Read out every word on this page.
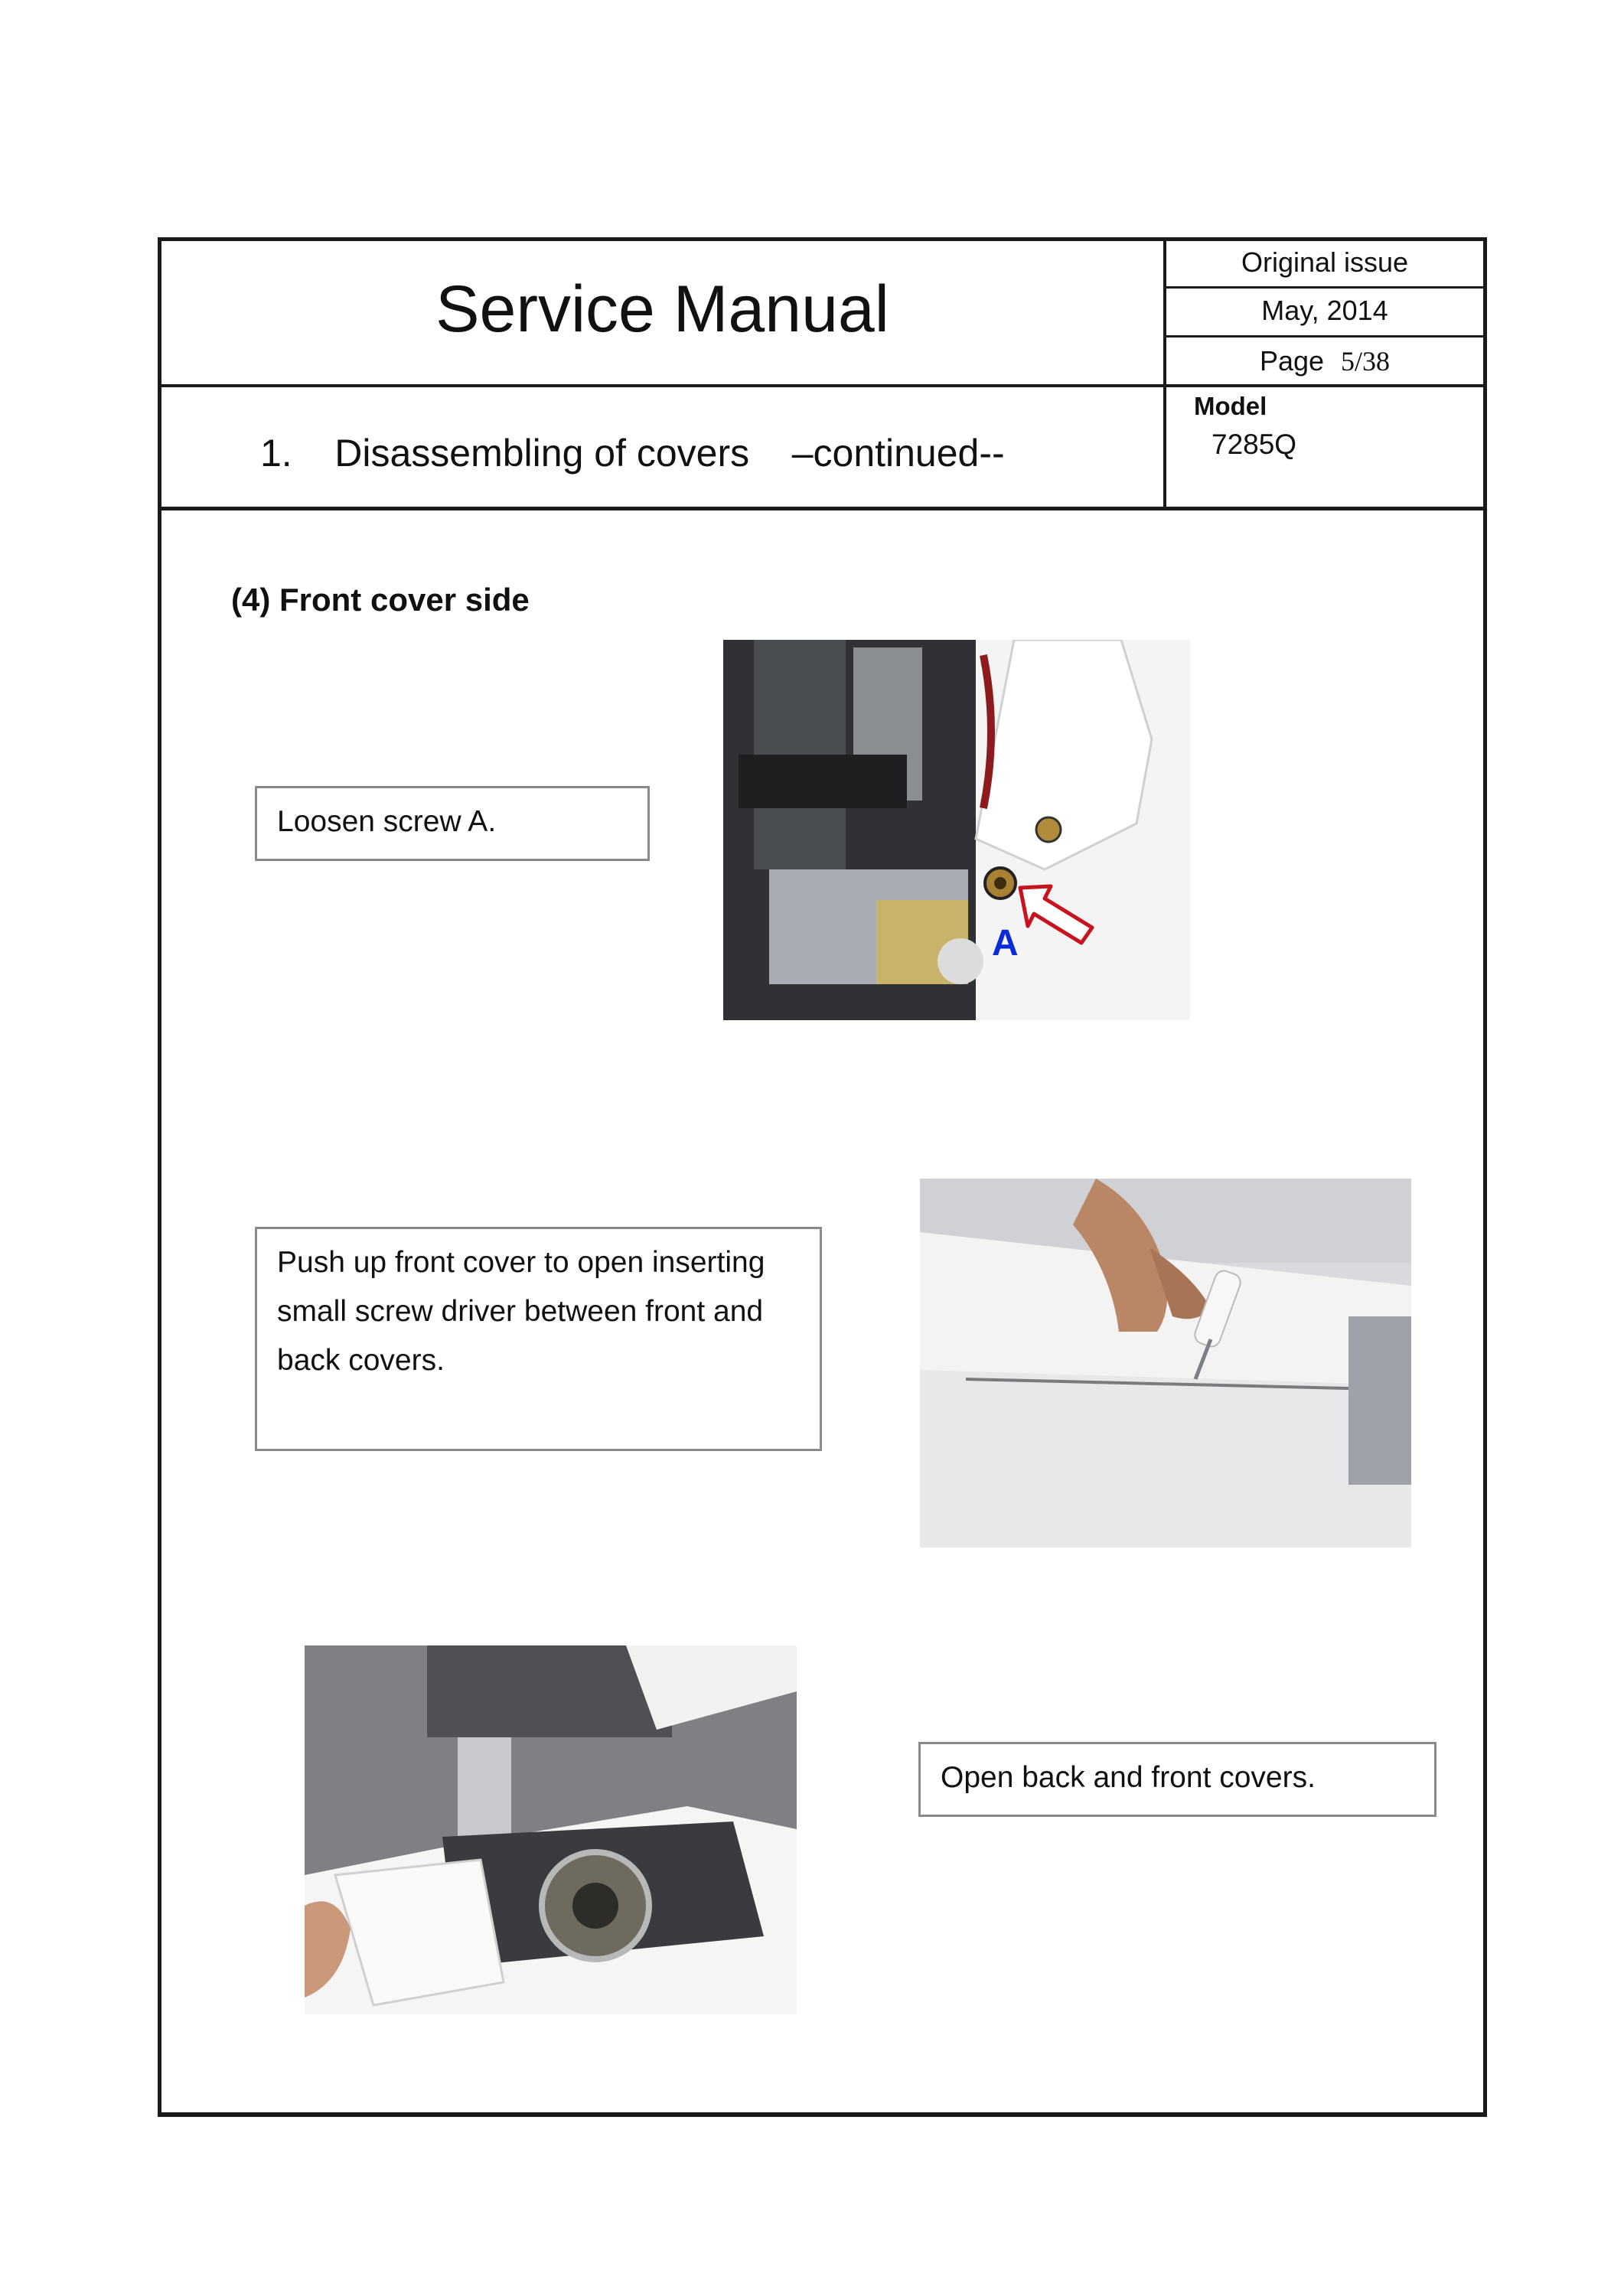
Service Manual
Original issue
May, 2014
Page 5/38
1.    Disassembling of covers    –continued--
Model
7285Q
(4) Front cover side
Loosen screw A.
Push up front cover to open inserting small screw driver between front and back covers.
Open back and front covers.
A
